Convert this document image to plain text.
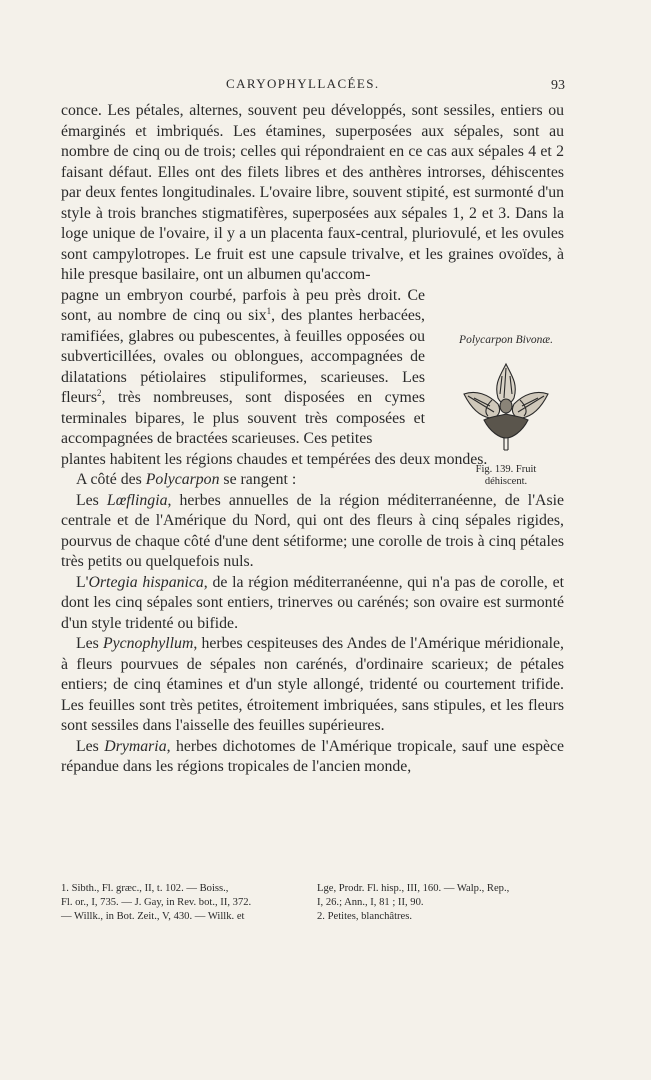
CARYOPHYLLACÉES.	93

conce. Les pétales, alternes, souvent peu développés, sont sessiles, entiers ou émarginés et imbriqués. Les étamines, superposées aux sépales, sont au nombre de cinq ou de trois; celles qui répondraient en ce cas aux sépales 4 et 2 faisant défaut. Elles ont des filets libres et des anthères introrses, déhiscentes par deux fentes longitudinales. L'ovaire libre, souvent stipité, est surmonté d'un style à trois branches stigmatifères, superposées aux sépales 1, 2 et 3. Dans la loge unique de l'ovaire, il y a un placenta faux-central, pluriovulé, et les ovules sont campylotropes. Le fruit est une capsule trivalve, et les graines ovoïdes, à hile presque basilaire, ont un albumen qu'accom-

pagne un embryon courbé, parfois à peu près droit. Ce sont, au nombre de cinq ou six$^1$, des plantes herbacées, ramifiées, glabres ou pubescentes, à feuilles opposées ou subverticillées, ovales ou oblongues, accompagnées de dilatations pétiolaires stipuliformes, scarieuses. Les fleurs$^2$, très nombreuses, sont disposées en cymes terminales bipares, le plus souvent très composées et accompagnées de bractées scarieuses. Ces petites

plantes habitent les régions chaudes et tempérées des deux mondes.

A côté des Polycarpon se rangent :

Les Lœflingia, herbes annuelles de la région méditerranéenne, de l'Asie centrale et de l'Amérique du Nord, qui ont des fleurs à cinq sépales rigides, pourvus de chaque côté d'une dent sétiforme; une corolle de trois à cinq pétales très petits ou quelquefois nuls.

L'Ortegia hispanica, de la région méditerranéenne, qui n'a pas de corolle, et dont les cinq sépales sont entiers, trinerves ou carénés; son ovaire est surmonté d'un style tridenté ou bifide.

Les Pycnophyllum, herbes cespiteuses des Andes de l'Amérique méridionale, à fleurs pourvues de sépales non carénés, d'ordinaire scarieux; de pétales entiers; de cinq étamines et d'un style allongé, tridenté ou courtement trifide. Les feuilles sont très petites, étroitement imbriquées, sans stipules, et les fleurs sont sessiles dans l'aisselle des feuilles supérieures.

Les Drymaria, herbes dichotomes de l'Amérique tropicale, sauf une espèce répandue dans les régions tropicales de l'ancien monde,

Polycarpon Bivonæ.

Fig. 139. Fruit
déhiscent.
1. Sibth., Fl. græc., II, t. 102. — Boiss.,
Fl. or., I, 735. — J. Gay, in Rev. bot., II, 372.
— Willk., in Bot. Zeit., V, 430. — Willk. et
Lge, Prodr. Fl. hisp., III, 160. — Walp., Rep.,
I, 26.; Ann., I, 81 ; II, 90.
2. Petites, blanchâtres.
